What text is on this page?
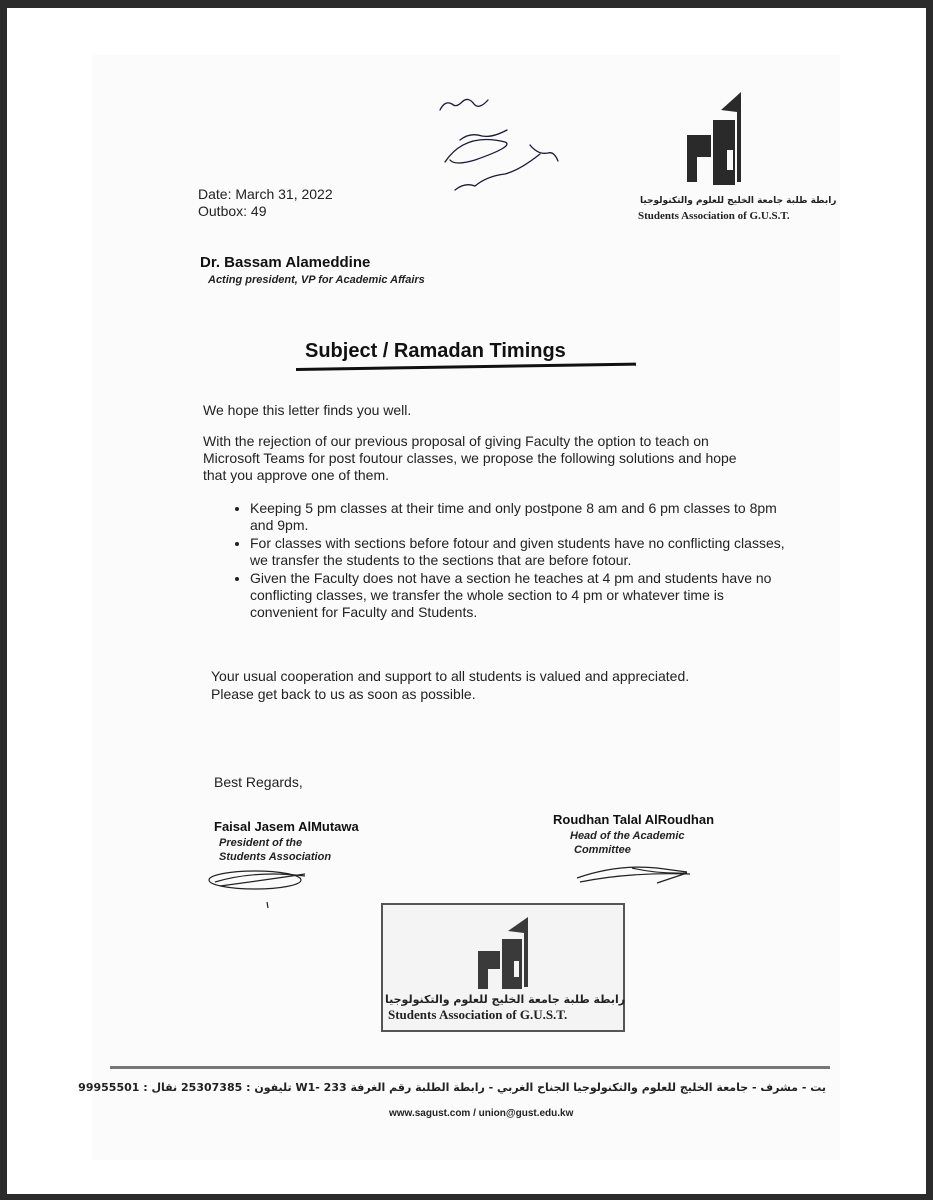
رابطة طلبة جامعة الخليج للعلوم والتكنولوجيا
Students Association of G.U.S.T.
Date: March 31, 2022
Outbox: 49
Dr. Bassam Alameddine
Acting president, VP for Academic Affairs
Subject / Ramadan Timings
We hope this letter finds you well.
With the rejection of our previous proposal of giving Faculty the option to teach on Microsoft Teams for post foutour classes, we propose the following solutions and hope that you approve one of them.
• Keeping 5 pm classes at their time and only postpone 8 am and 6 pm classes to 8pm and 9pm.
• For classes with sections before fotour and given students have no conflicting classes, we transfer the students to the sections that are before fotour.
• Given the Faculty does not have a section he teaches at 4 pm and students have no conflicting classes, we transfer the whole section to 4 pm or whatever time is convenient for Faculty and Students.
Your usual cooperation and support to all students is valued and appreciated.
Please get back to us as soon as possible.
Best Regards,
Faisal Jasem AlMutawa
President of the
Students Association
Roudhan Talal AlRoudhan
Head of the Academic
Committee
رابطة طلبة جامعة الخليج للعلوم والتكنولوجيا
Students Association of G.U.S.T.
يت - مشرف - جامعة الخليج للعلوم والتكنولوجيا الجناح الغربي - رابطة الطلبة رقم الغرفة 233 -W1 تليفون : 25307385 نقال : 99955501
www.sagust.com / union@gust.edu.kw
